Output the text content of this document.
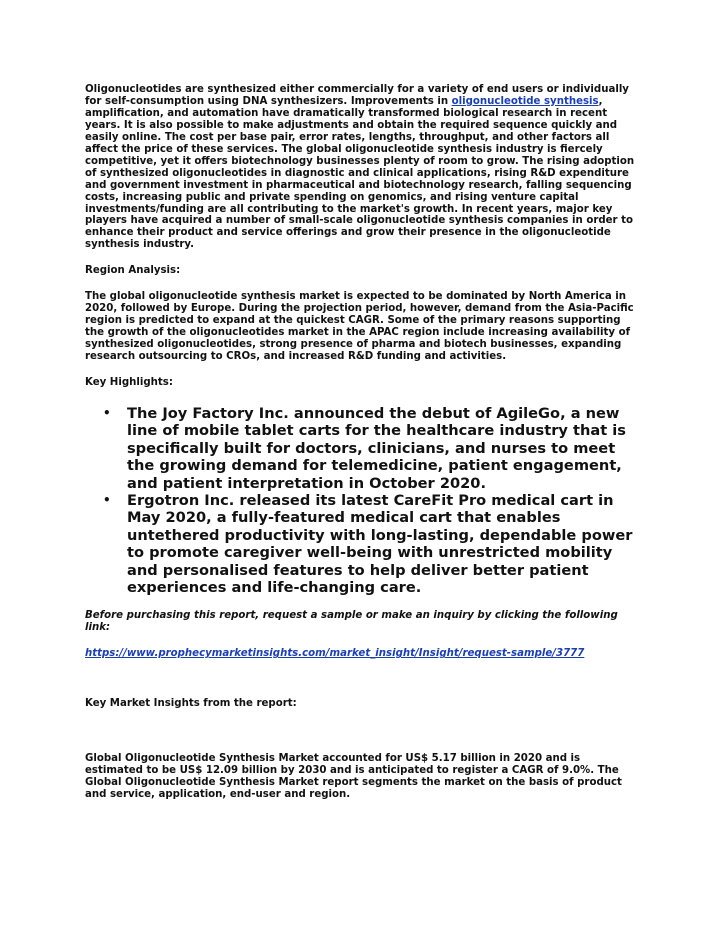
Oligonucleotides are synthesized either commercially for a variety of end users or individually for self-consumption using DNA synthesizers. Improvements in oligonucleotide synthesis, amplification, and automation have dramatically transformed biological research in recent years. It is also possible to make adjustments and obtain the required sequence quickly and easily online. The cost per base pair, error rates, lengths, throughput, and other factors all affect the price of these services. The global oligonucleotide synthesis industry is fiercely competitive, yet it offers biotechnology businesses plenty of room to grow. The rising adoption of synthesized oligonucleotides in diagnostic and clinical applications, rising R&D expenditure and government investment in pharmaceutical and biotechnology research, falling sequencing costs, increasing public and private spending on genomics, and rising venture capital investments/funding are all contributing to the market's growth. In recent years, major key players have acquired a number of small-scale oligonucleotide synthesis companies in order to enhance their product and service offerings and grow their presence in the oligonucleotide synthesis industry.

Region Analysis:

The global oligonucleotide synthesis market is expected to be dominated by North America in 2020, followed by Europe. During the projection period, however, demand from the Asia-Pacific region is predicted to expand at the quickest CAGR. Some of the primary reasons supporting the growth of the oligonucleotides market in the APAC region include increasing availability of synthesized oligonucleotides, strong presence of pharma and biotech businesses, expanding research outsourcing to CROs, and increased R&D funding and activities.

Key Highlights:

• The Joy Factory Inc. announced the debut of AgileGo, a new line of mobile tablet carts for the healthcare industry that is specifically built for doctors, clinicians, and nurses to meet the growing demand for telemedicine, patient engagement, and patient interpretation in October 2020.
• Ergotron Inc. released its latest CareFit Pro medical cart in May 2020, a fully-featured medical cart that enables untethered productivity with long-lasting, dependable power to promote caregiver well-being with unrestricted mobility and personalised features to help deliver better patient experiences and life-changing care.

Before purchasing this report, request a sample or make an inquiry by clicking the following link:

https://www.prophecymarketinsights.com/market_insight/Insight/request-sample/3777

Key Market Insights from the report:

Global Oligonucleotide Synthesis Market accounted for US$ 5.17 billion in 2020 and is estimated to be US$ 12.09 billion by 2030 and is anticipated to register a CAGR of 9.0%. The Global Oligonucleotide Synthesis Market report segments the market on the basis of product and service, application, end-user and region.
